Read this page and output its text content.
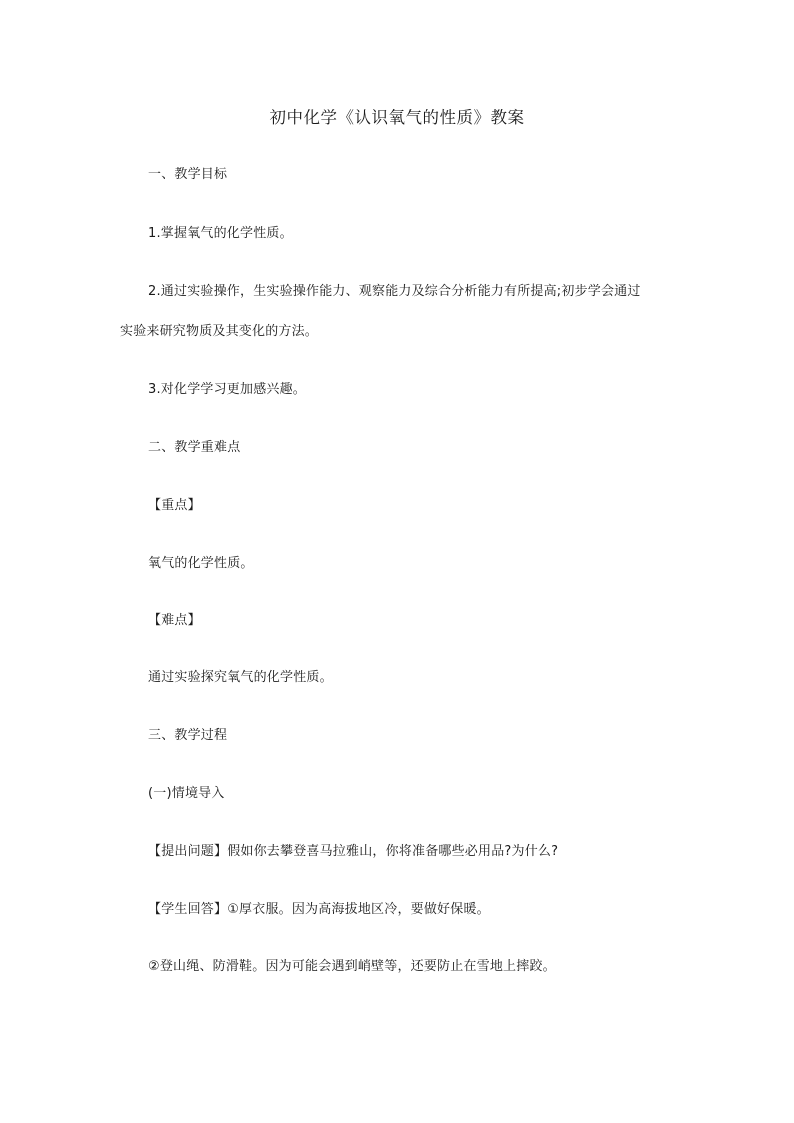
初中化学《认识氧气的性质》教案
一、教学目标
1.掌握氧气的化学性质。
2.通过实验操作，生实验操作能力、观察能力及综合分析能力有所提高;初步学会通过
实验来研究物质及其变化的方法。
3.对化学学习更加感兴趣。
二、教学重难点
【重点】
氧气的化学性质。
【难点】
通过实验探究氧气的化学性质。
三、教学过程
(一)情境导入
【提出问题】假如你去攀登喜马拉雅山，你将准备哪些必用品?为什么?
【学生回答】①厚衣服。因为高海拔地区冷，要做好保暖。
②登山绳、防滑鞋。因为可能会遇到峭壁等，还要防止在雪地上摔跤。
